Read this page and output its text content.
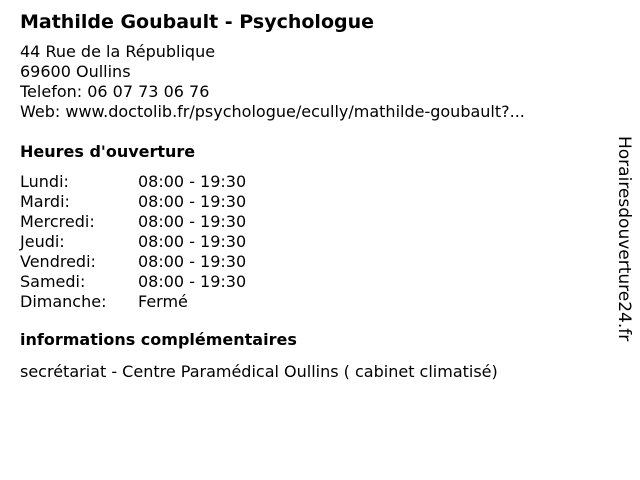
Mathilde Goubault - Psychologue
44 Rue de la République
69600 Oullins
Telefon: 06 07 73 06 76
Web: www.doctolib.fr/psychologue/ecully/mathilde-goubault?...
Heures d'ouverture
Lundi:	08:00 - 19:30
Mardi:	08:00 - 19:30
Mercredi:	08:00 - 19:30
Jeudi:	08:00 - 19:30
Vendredi:	08:00 - 19:30
Samedi:	08:00 - 19:30
Dimanche:	Fermé
informations complémentaires
secrétariat - Centre Paramédical Oullins ( cabinet climatisé)
Horairesdouverture24.fr
